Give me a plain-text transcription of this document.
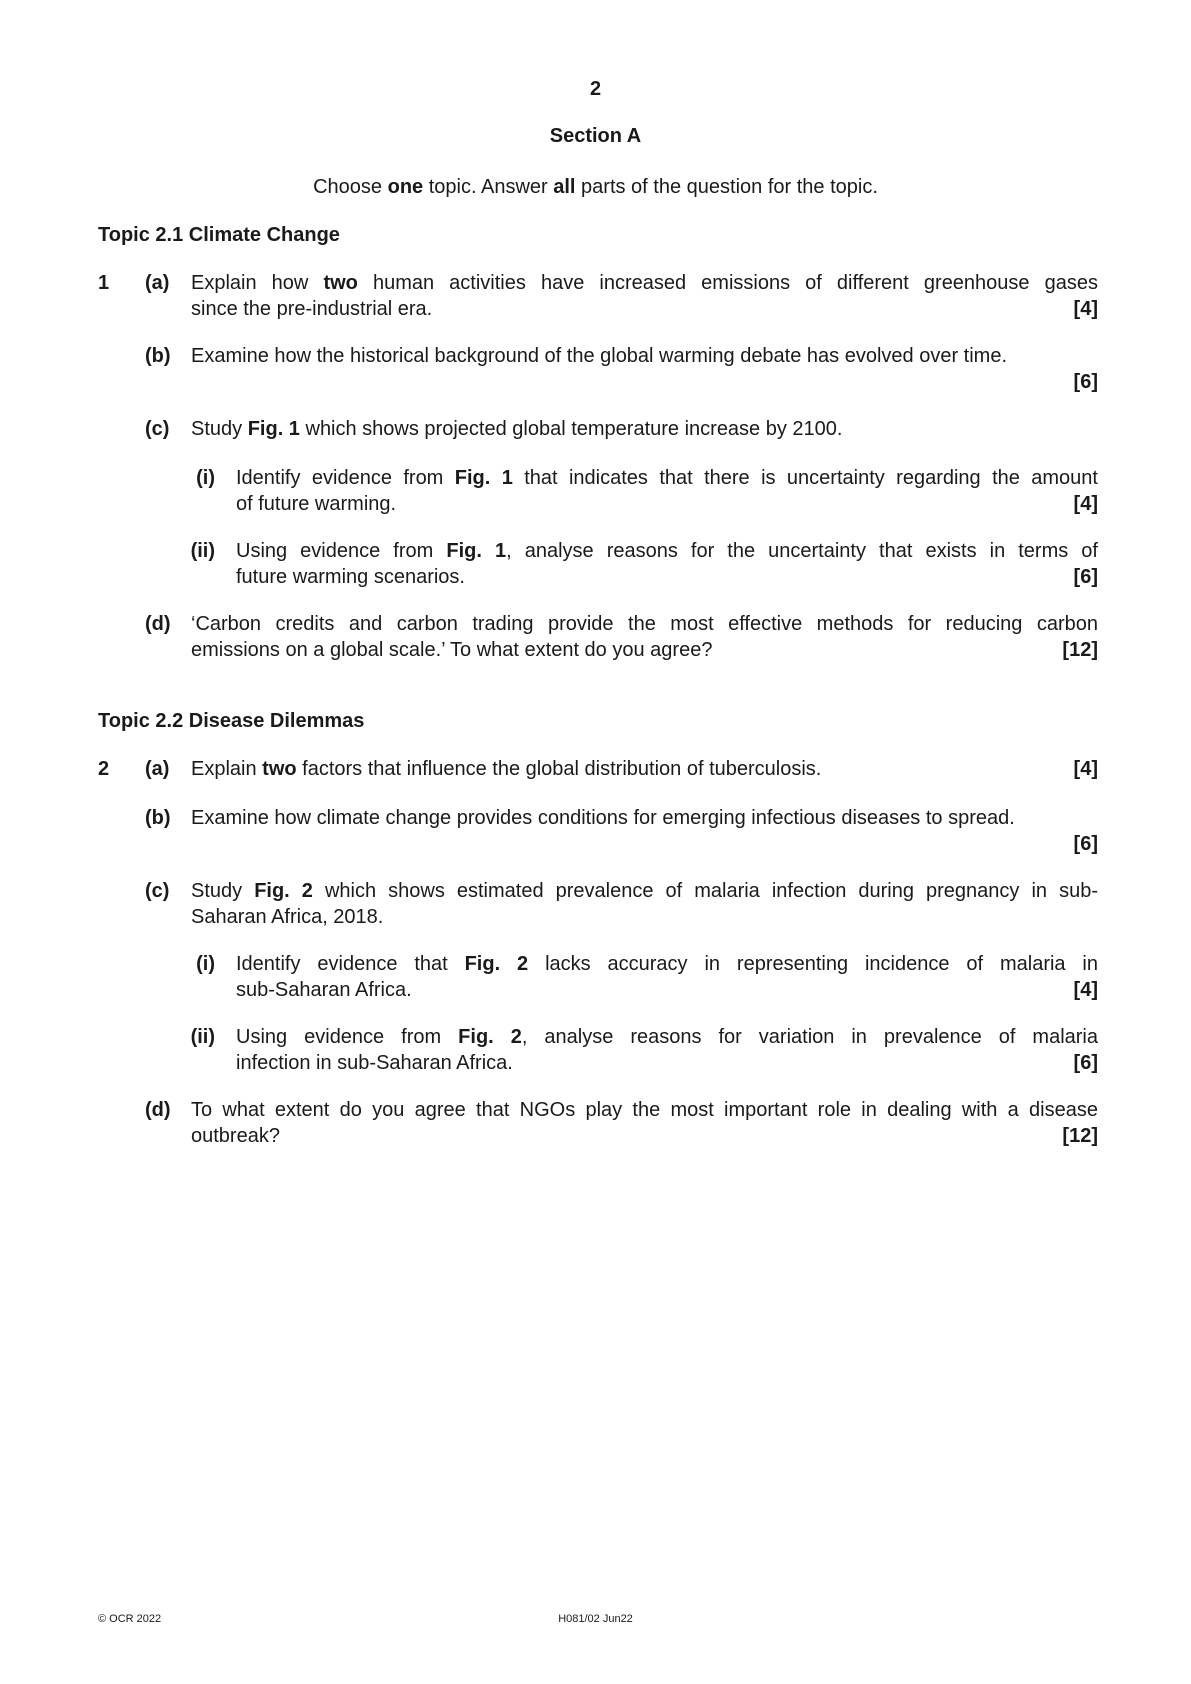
2
Section A
Choose one topic. Answer all parts of the question for the topic.
Topic 2.1 Climate Change
1 (a) Explain how two human activities have increased emissions of different greenhouse gases
since the pre-industrial era.	[4]
(b) Examine how the historical background of the global warming debate has evolved over time.
[6]
(c) Study Fig. 1 which shows projected global temperature increase by 2100.
(i) Identify evidence from Fig. 1 that indicates that there is uncertainty regarding the amount
of future warming.	[4]
(ii) Using evidence from Fig. 1, analyse reasons for the uncertainty that exists in terms of
future warming scenarios.	[6]
(d) ‘Carbon credits and carbon trading provide the most effective methods for reducing carbon
emissions on a global scale.’ To what extent do you agree?	[12]
Topic 2.2 Disease Dilemmas
2 (a) Explain two factors that influence the global distribution of tuberculosis.	[4]
(b) Examine how climate change provides conditions for emerging infectious diseases to spread.
[6]
(c) Study Fig. 2 which shows estimated prevalence of malaria infection during pregnancy in sub-
Saharan Africa, 2018.
(i) Identify evidence that Fig. 2 lacks accuracy in representing incidence of malaria in
sub-Saharan Africa.	[4]
(ii) Using evidence from Fig. 2, analyse reasons for variation in prevalence of malaria
infection in sub-Saharan Africa.	[6]
(d) To what extent do you agree that NGOs play the most important role in dealing with a disease
outbreak?	[12]
© OCR 2022	H081/02 Jun22
